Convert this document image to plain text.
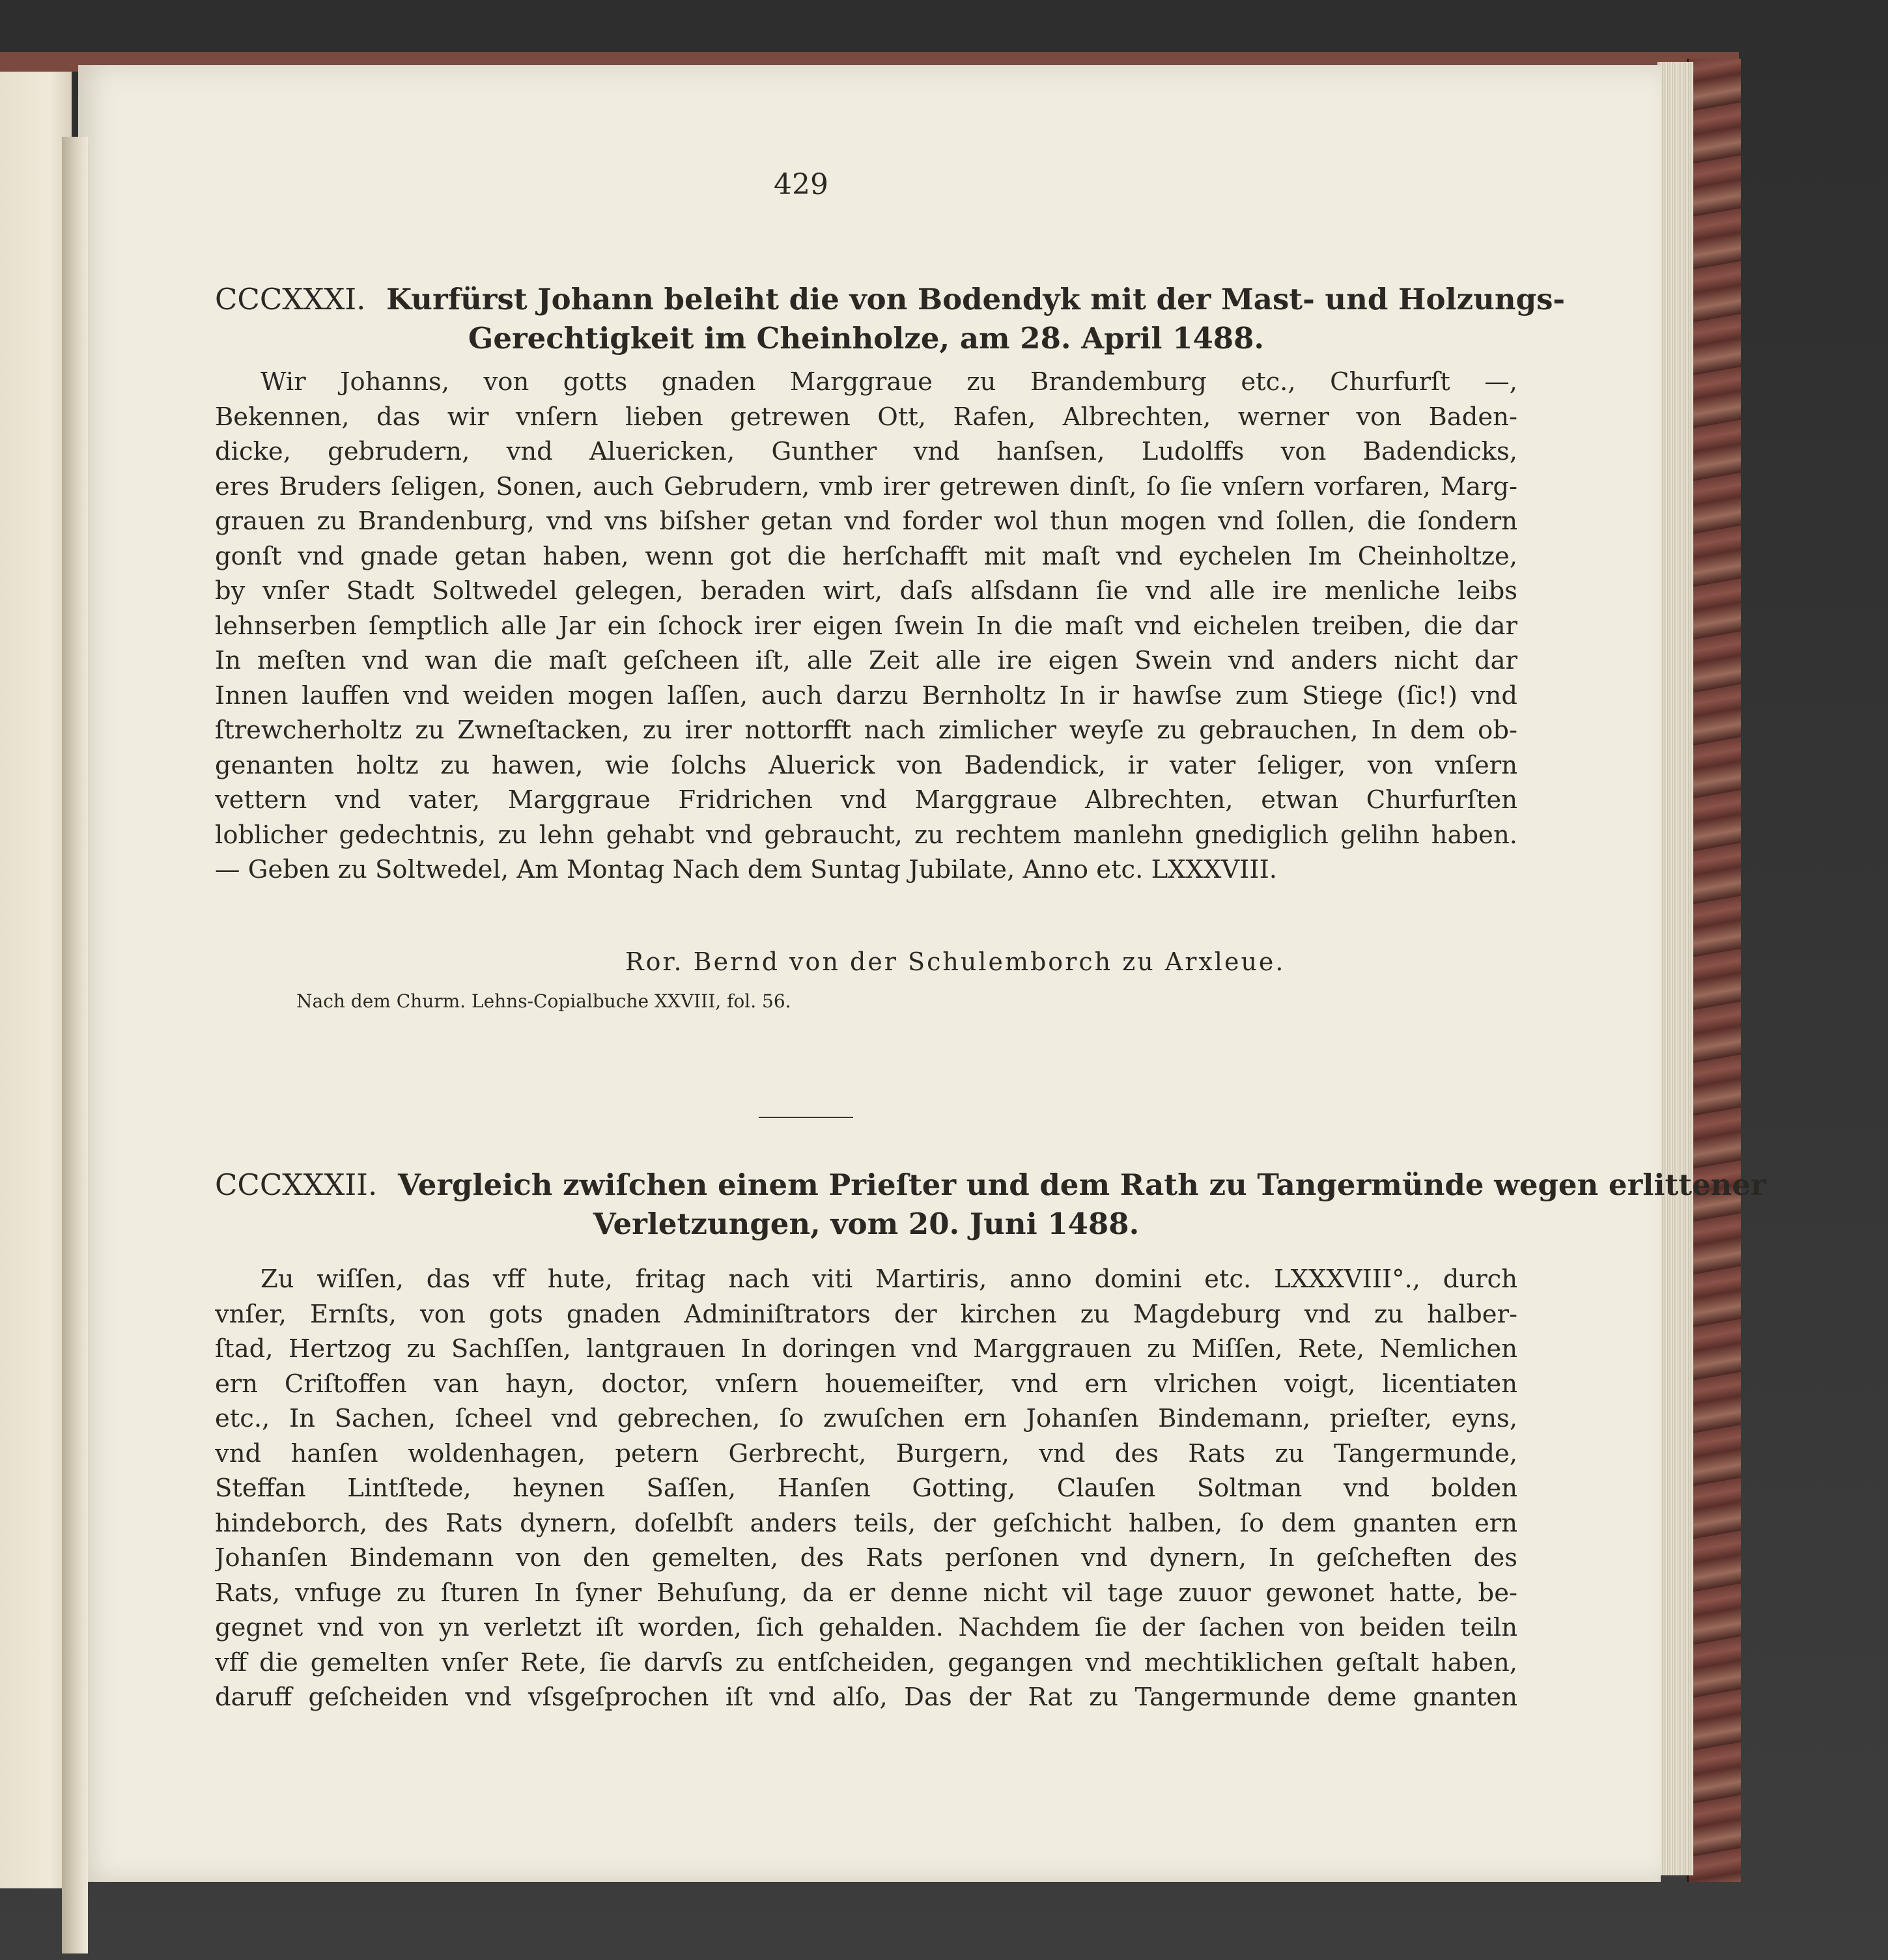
429
CCCXXXI. Kurfürst Johann beleiht die von Bodendyk mit der Mast- und Holzungs-
Gerechtigkeit im Cheinholze, am 28. April 1488.
Wir Johanns, von gotts gnaden Marggraue zu Brandemburg etc., Churfurſt —,
Bekennen, das wir vnſern lieben getrewen Ott, Rafen, Albrechten, werner von Baden-
dicke, gebrudern, vnd Aluericken, Gunther vnd hanſsen, Ludolffs von Badendicks,
eres Bruders ſeligen, Sonen, auch Gebrudern, vmb irer getrewen dinſt, ſo ſie vnſern vorfaren, Marg-
grauen zu Brandenburg, vnd vns biſsher getan vnd forder wol thun mogen vnd ſollen, die ſondern
gonſt vnd gnade getan haben, wenn got die herſchafft mit maſt vnd eychelen Im Cheinholtze,
by vnſer Stadt Soltwedel gelegen, beraden wirt, daſs alſsdann ſie vnd alle ire menliche leibs
lehnserben ſemptlich alle Jar ein ſchock irer eigen ſwein In die maſt vnd eichelen treiben, die dar
In meſten vnd wan die maſt geſcheen iſt, alle Zeit alle ire eigen Swein vnd anders nicht dar
Innen lauffen vnd weiden mogen laſſen, auch darzu Bernholtz In ir hawſse zum Stiege (ſic!) vnd
ſtrewcherholtz zu Zwneſtacken, zu irer nottorfft nach zimlicher weyſe zu gebrauchen, In dem ob-
genanten holtz zu hawen, wie ſolchs Aluerick von Badendick, ir vater ſeliger, von vnſern
vettern vnd vater, Marggraue Fridrichen vnd Marggraue Albrechten, etwan Churfurſten
loblicher gedechtnis, zu lehn gehabt vnd gebraucht, zu rechtem manlehn gnediglich gelihn haben.
— Geben zu Soltwedel, Am Montag Nach dem Suntag Jubilate, Anno etc. LXXXVIII.
Ror. Bernd von der Schulemborch zu Arxleue.
Nach dem Churm. Lehns-Copialbuche XXVIII, fol. 56.
CCCXXXII. Vergleich zwiſchen einem Prieſter und dem Rath zu Tangermünde wegen erlittener
Verletzungen, vom 20. Juni 1488.
Zu wiſſen, das vff hute, fritag nach viti Martiris, anno domini etc. LXXXVIII°., durch
vnſer, Ernſts, von gots gnaden Adminiſtrators der kirchen zu Magdeburg vnd zu halber-
ſtad, Hertzog zu Sachſſen, lantgrauen In doringen vnd Marggrauen zu Miſſen, Rete, Nemlichen
ern Criſtoffen van hayn, doctor, vnſern houemeiſter, vnd ern vlrichen voigt, licentiaten
etc., In Sachen, ſcheel vnd gebrechen, ſo zwuſchen ern Johanſen Bindemann, prieſter, eyns,
vnd hanſen woldenhagen, petern Gerbrecht, Burgern, vnd des Rats zu Tangermunde,
Steffan Lintſtede, heynen Saſſen, Hanſen Gotting, Clauſen Soltman vnd bolden
hindeborch, des Rats dynern, doſelbſt anders teils, der geſchicht halben, ſo dem gnanten ern
Johanſen Bindemann von den gemelten, des Rats perſonen vnd dynern, In geſcheften des
Rats, vnfuge zu ſturen In ſyner Behuſung, da er denne nicht vil tage zuuor gewonet hatte, be-
gegnet vnd von yn verletzt iſt worden, ſich gehalden. Nachdem ſie der ſachen von beiden teiln
vff die gemelten vnſer Rete, ſie darvſs zu entſcheiden, gegangen vnd mechtiklichen geſtalt haben,
daruff geſcheiden vnd vſsgeſprochen iſt vnd alſo, Das der Rat zu Tangermunde deme gnanten
